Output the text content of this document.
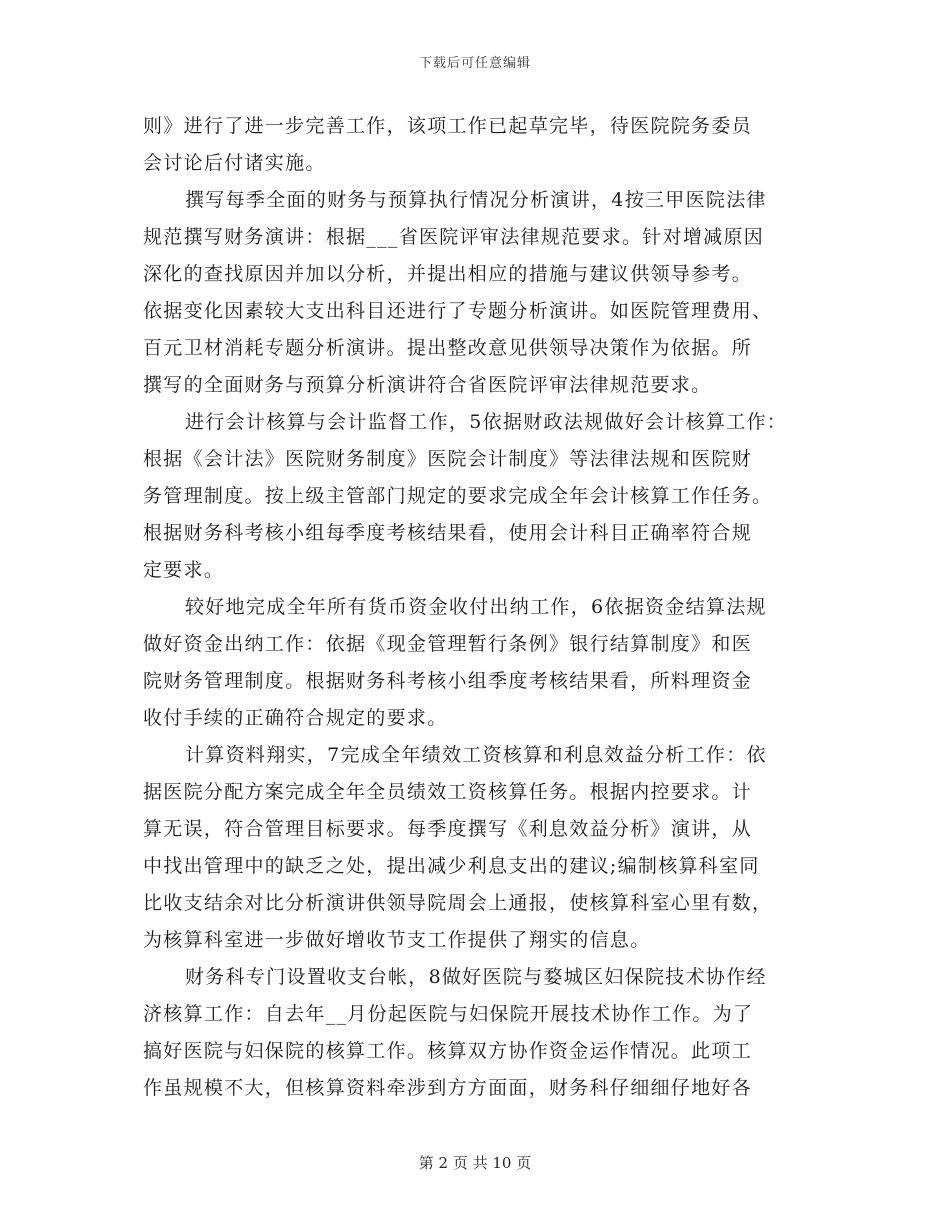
下载后可任意编辑
则》进行了进一步完善工作，该项工作已起草完毕，待医院院务委员
会讨论后付诸实施。
撰写每季全面的财务与预算执行情况分析演讲，4按三甲医院法律
规范撰写财务演讲：根据___省医院评审法律规范要求。针对增减原因
深化的查找原因并加以分析，并提出相应的措施与建议供领导参考。
依据变化因素较大支出科目还进行了专题分析演讲。如医院管理费用、
百元卫材消耗专题分析演讲。提出整改意见供领导决策作为依据。所
撰写的全面财务与预算分析演讲符合省医院评审法律规范要求。
进行会计核算与会计监督工作，5依据财政法规做好会计核算工作：
根据《会计法》医院财务制度》医院会计制度》等法律法规和医院财
务管理制度。按上级主管部门规定的要求完成全年会计核算工作任务。
根据财务科考核小组每季度考核结果看，使用会计科目正确率符合规
定要求。
较好地完成全年所有货币资金收付出纳工作，6依据资金结算法规
做好资金出纳工作：依据《现金管理暂行条例》银行结算制度》和医
院财务管理制度。根据财务科考核小组季度考核结果看，所料理资金
收付手续的正确符合规定的要求。
计算资料翔实，7完成全年绩效工资核算和利息效益分析工作：依
据医院分配方案完成全年全员绩效工资核算任务。根据内控要求。计
算无误，符合管理目标要求。每季度撰写《利息效益分析》演讲，从
中找出管理中的缺乏之处，提出减少利息支出的建议;编制核算科室同
比收支结余对比分析演讲供领导院周会上通报，使核算科室心里有数，
为核算科室进一步做好增收节支工作提供了翔实的信息。
财务科专门设置收支台帐，8做好医院与婺城区妇保院技术协作经
济核算工作：自去年__月份起医院与妇保院开展技术协作工作。为了
搞好医院与妇保院的核算工作。核算双方协作资金运作情况。此项工
作虽规模不大，但核算资料牵涉到方方面面，财务科仔细细仔地好各
第 2 页 共 10 页
